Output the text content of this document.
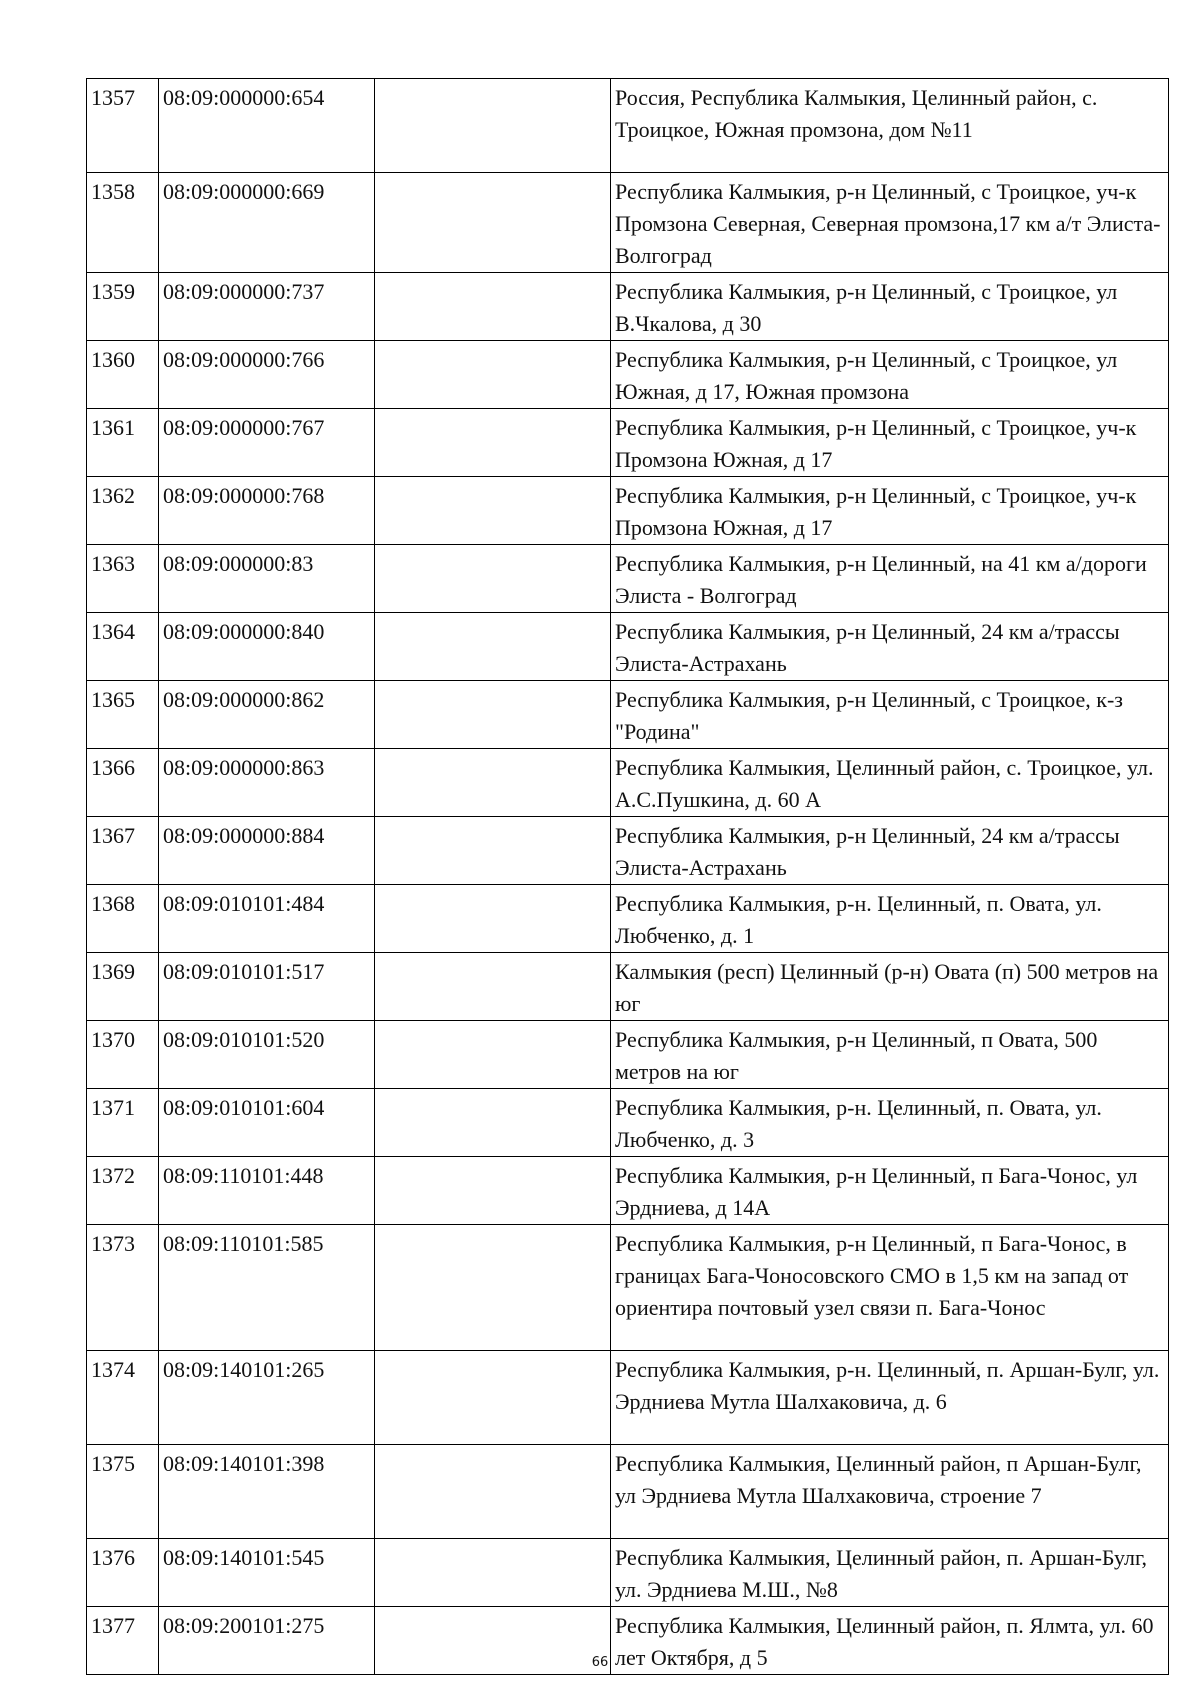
1357	08:09:000000:654		Россия, Республика Калмыкия, Целинный район, с. Троицкое, Южная промзона, дом №11
1358	08:09:000000:669		Республика Калмыкия, р-н Целинный, с Троицкое, уч-к Промзона Северная, Северная промзона,17 км а/т Элиста-Волгоград
1359	08:09:000000:737		Республика Калмыкия, р-н Целинный, с Троицкое, ул В.Чкалова, д 30
1360	08:09:000000:766		Республика Калмыкия, р-н Целинный, с Троицкое, ул Южная, д 17, Южная промзона
1361	08:09:000000:767		Республика Калмыкия, р-н Целинный, с Троицкое, уч-к Промзона Южная, д 17
1362	08:09:000000:768		Республика Калмыкия, р-н Целинный, с Троицкое, уч-к Промзона Южная, д 17
1363	08:09:000000:83		Республика Калмыкия, р-н Целинный, на 41 км а/дороги Элиста - Волгоград
1364	08:09:000000:840		Республика Калмыкия, р-н Целинный, 24 км а/трассы Элиста-Астрахань
1365	08:09:000000:862		Республика Калмыкия, р-н Целинный, с Троицкое, к-з "Родина"
1366	08:09:000000:863		Республика Калмыкия, Целинный район, с. Троицкое, ул. А.С.Пушкина, д. 60 А
1367	08:09:000000:884		Республика Калмыкия, р-н Целинный, 24 км а/трассы Элиста-Астрахань
1368	08:09:010101:484		Республика Калмыкия, р-н. Целинный, п. Овата, ул. Любченко, д. 1
1369	08:09:010101:517		Калмыкия (респ) Целинный (р-н) Овата (п) 500 метров на юг
1370	08:09:010101:520		Республика Калмыкия, р-н Целинный, п Овата, 500 метров на юг
1371	08:09:010101:604		Республика Калмыкия, р-н. Целинный, п. Овата, ул. Любченко, д. 3
1372	08:09:110101:448		Республика Калмыкия, р-н Целинный, п Бага-Чонос, ул Эрдниева, д 14А
1373	08:09:110101:585		Республика Калмыкия, р-н Целинный, п Бага-Чонос, в границах Бага-Чоносовского СМО в 1,5 км на запад от ориентира почтовый узел связи п. Бага-Чонос
1374	08:09:140101:265		Республика Калмыкия, р-н. Целинный, п. Аршан-Булг, ул. Эрдниева Мутла Шалхаковича, д. 6
1375	08:09:140101:398		Республика Калмыкия, Целинный район, п Аршан-Булг, ул Эрдниева Мутла Шалхаковича, строение 7
1376	08:09:140101:545		Республика Калмыкия, Целинный район, п. Аршан-Булг, ул. Эрдниева М.Ш., №8
1377	08:09:200101:275		Республика Калмыкия, Целинный район, п. Ялмта, ул. 60 лет Октября, д 5
66
